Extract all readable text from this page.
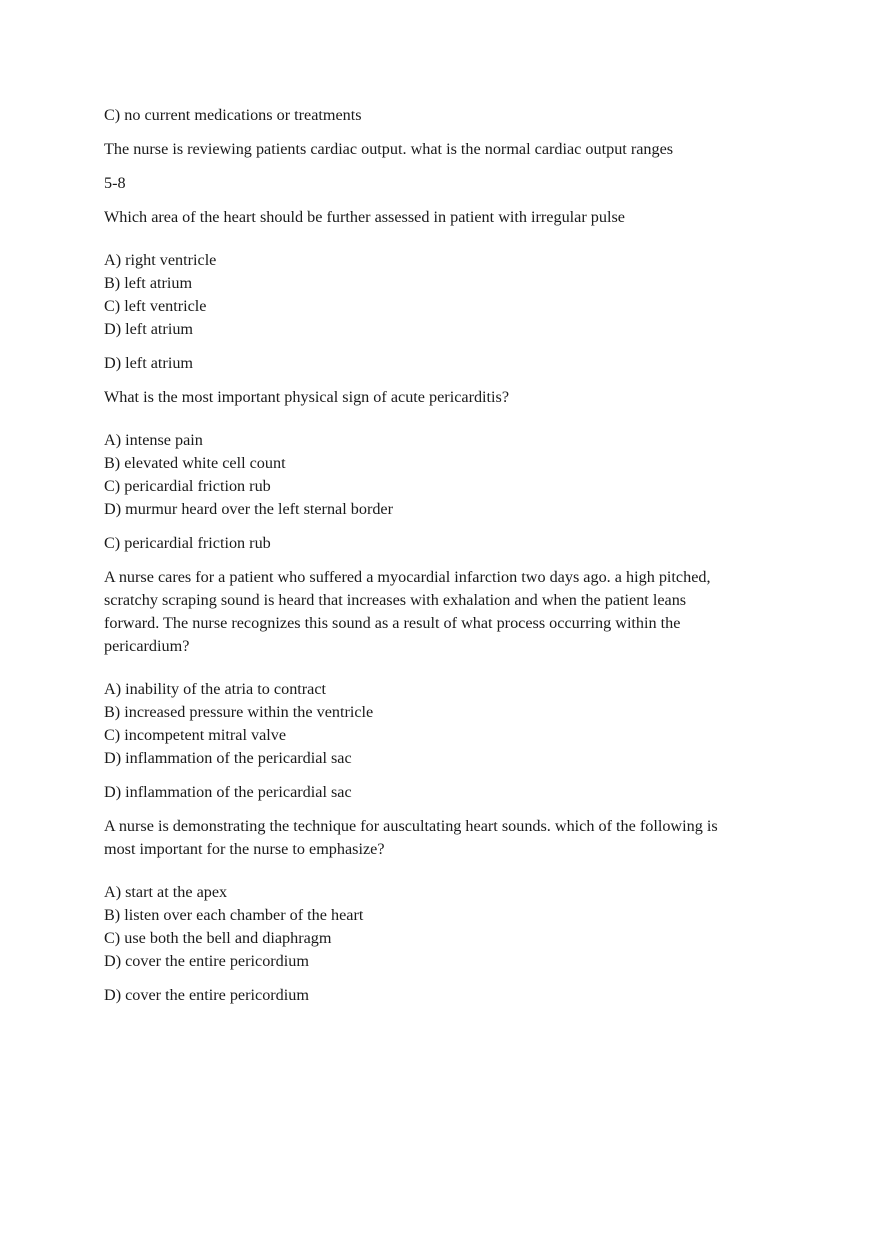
C) no current medications or treatments

The nurse is reviewing patients cardiac output. what is the normal cardiac output ranges

5-8

Which area of the heart should be further assessed in patient with irregular pulse

A) right ventricle
B) left atrium
C) left ventricle
D) left atrium

D) left atrium

What is the most important physical sign of acute pericarditis?

A) intense pain
B) elevated white cell count
C) pericardial friction rub
D) murmur heard over the left sternal border

C) pericardial friction rub

A nurse cares for a patient who suffered a myocardial infarction two days ago. a high pitched,
scratchy scraping sound is heard that increases with exhalation and when the patient leans
forward. The nurse recognizes this sound as a result of what process occurring within the
pericardium?
A) inability of the atria to contract
B) increased pressure within the ventricle
C) incompetent mitral valve
D) inflammation of the pericardial sac

D) inflammation of the pericardial sac

A nurse is demonstrating the technique for auscultating heart sounds. which of the following is
most important for the nurse to emphasize?
A) start at the apex
B) listen over each chamber of the heart
C) use both the bell and diaphragm
D) cover the entire pericordium

D) cover the entire pericordium
